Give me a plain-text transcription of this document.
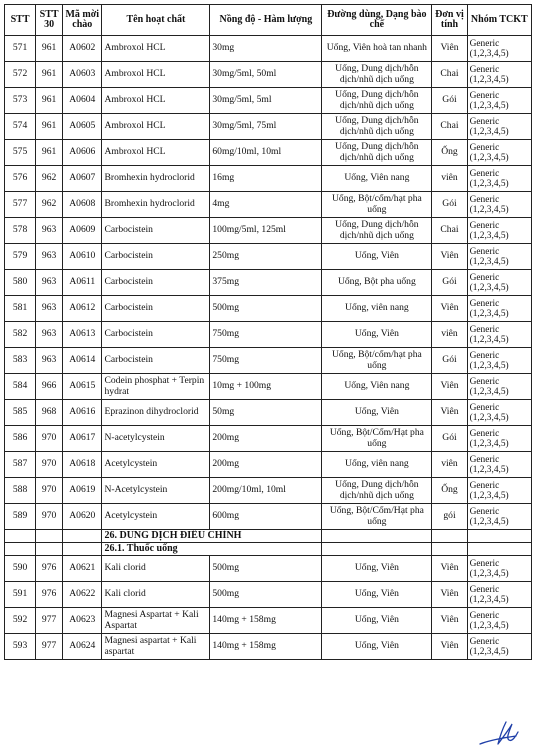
STT	STT 30	Mã mời chào	Tên hoạt chất	Nồng độ - Hàm lượng	Đường dùng, Dạng bào chế	Đơn vị tính	Nhóm TCKT
571	961	A0602	Ambroxol HCL	30mg	Uống, Viên hoà tan nhanh	Viên	Generic (1,2,3,4,5)
572	961	A0603	Ambroxol HCL	30mg/5ml, 50ml	Uống, Dung dịch/hỗn dịch/nhũ dịch uống	Chai	Generic (1,2,3,4,5)
573	961	A0604	Ambroxol HCL	30mg/5ml, 5ml	Uống, Dung dịch/hỗn dịch/nhũ dịch uống	Gói	Generic (1,2,3,4,5)
574	961	A0605	Ambroxol HCL	30mg/5ml, 75ml	Uống, Dung dịch/hỗn dịch/nhũ dịch uống	Chai	Generic (1,2,3,4,5)
575	961	A0606	Ambroxol HCL	60mg/10ml, 10ml	Uống, Dung dịch/hỗn dịch/nhũ dịch uống	Ống	Generic (1,2,3,4,5)
576	962	A0607	Bromhexin hydroclorid	16mg	Uống, Viên nang	viên	Generic (1,2,3,4,5)
577	962	A0608	Bromhexin hydroclorid	4mg	Uống, Bột/cốm/hạt pha uống	Gói	Generic (1,2,3,4,5)
578	963	A0609	Carbocistein	100mg/5ml, 125ml	Uống, Dung dịch/hỗn dịch/nhũ dịch uống	Chai	Generic (1,2,3,4,5)
579	963	A0610	Carbocistein	250mg	Uống, Viên	Viên	Generic (1,2,3,4,5)
580	963	A0611	Carbocistein	375mg	Uống, Bột pha uống	Gói	Generic (1,2,3,4,5)
581	963	A0612	Carbocistein	500mg	Uống, viên nang	Viên	Generic (1,2,3,4,5)
582	963	A0613	Carbocistein	750mg	Uống, Viên	viên	Generic (1,2,3,4,5)
583	963	A0614	Carbocistein	750mg	Uống, Bột/cốm/hạt pha uống	Gói	Generic (1,2,3,4,5)
584	966	A0615	Codein phosphat + Terpin hydrat	10mg + 100mg	Uống, Viên nang	Viên	Generic (1,2,3,4,5)
585	968	A0616	Eprazinon dihydroclorid	50mg	Uống, Viên	Viên	Generic (1,2,3,4,5)
586	970	A0617	N-acetylcystein	200mg	Uống, Bột/Cốm/Hạt pha uống	Gói	Generic (1,2,3,4,5)
587	970	A0618	Acetylcystein	200mg	Uống, viên nang	viên	Generic (1,2,3,4,5)
588	970	A0619	N-Acetylcystein	200mg/10ml, 10ml	Uống, Dung dịch/hỗn dịch/nhũ dịch uống	Ống	Generic (1,2,3,4,5)
589	970	A0620	Acetylcystein	600mg	Uống, Bột/Cốm/Hạt pha uống	gói	Generic (1,2,3,4,5)
			26. DUNG DỊCH ĐIỀU CHỈNH				
			26.1. Thuốc uống				
590	976	A0621	Kali clorid	500mg	Uống, Viên	Viên	Generic (1,2,3,4,5)
591	976	A0622	Kali clorid	500mg	Uống, Viên	Viên	Generic (1,2,3,4,5)
592	977	A0623	Magnesi Aspartat + Kali Aspartat	140mg + 158mg	Uống, Viên	Viên	Generic (1,2,3,4,5)
593	977	A0624	Magnesi aspartat + Kali aspartat	140mg + 158mg	Uống, Viên	Viên	Generic (1,2,3,4,5)
